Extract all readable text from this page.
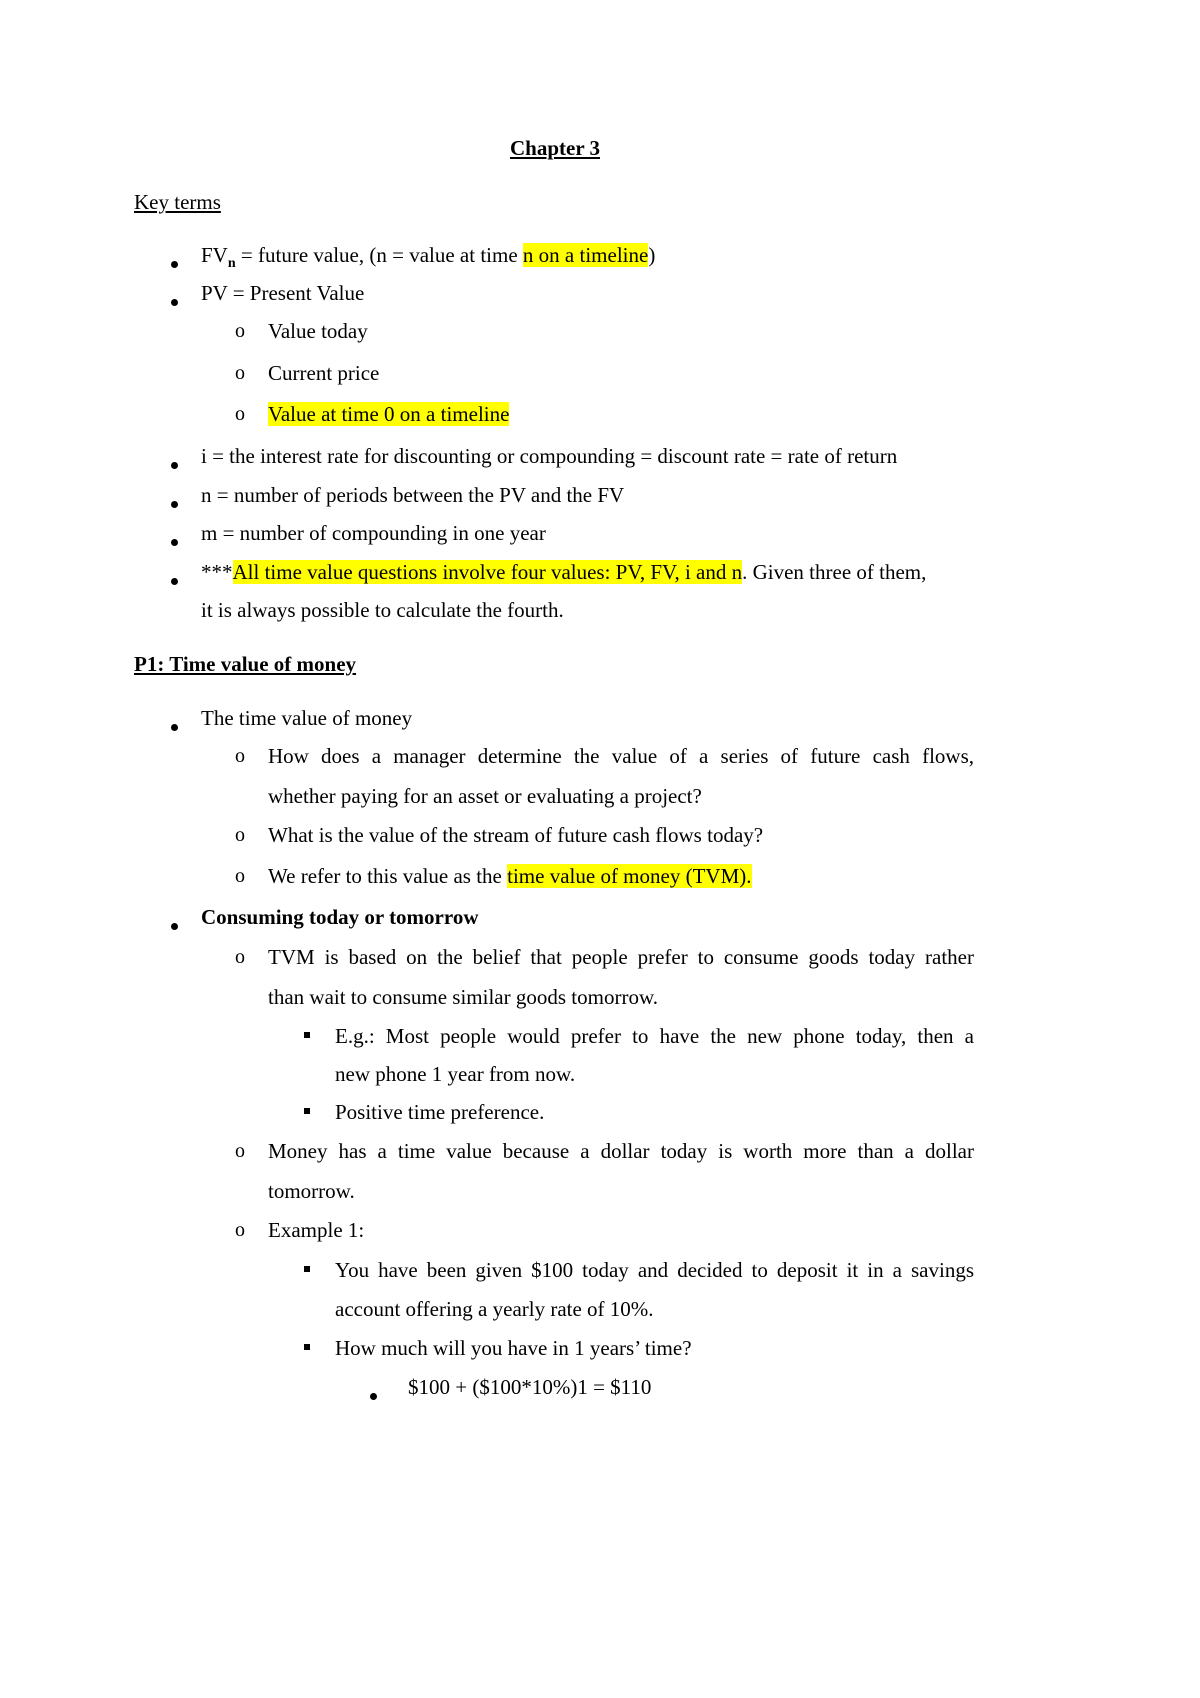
Chapter 3
Key terms
$FV_n$ = future value, (n = value at time n on a timeline)
PV = Present Value
o Value today
o Current price
o Value at time 0 on a timeline
i = the interest rate for discounting or compounding = discount rate = rate of return
n = number of periods between the PV and the FV
m = number of compounding in one year
***All time value questions involve four values: PV, FV, i and n. Given three of them,
it is always possible to calculate the fourth.
P1: Time value of money
The time value of money
o How does a manager determine the value of a series of future cash flows,
whether paying for an asset or evaluating a project?
o What is the value of the stream of future cash flows today?
o We refer to this value as the time value of money (TVM).
Consuming today or tomorrow
o TVM is based on the belief that people prefer to consume goods today rather
than wait to consume similar goods tomorrow.
E.g.: Most people would prefer to have the new phone today, then a
new phone 1 year from now.
Positive time preference.
o Money has a time value because a dollar today is worth more than a dollar
tomorrow.
o Example 1:
You have been given $100 today and decided to deposit it in a savings
account offering a yearly rate of 10%.
How much will you have in 1 years’ time?
$100 + ($100*10%)1 = $110
